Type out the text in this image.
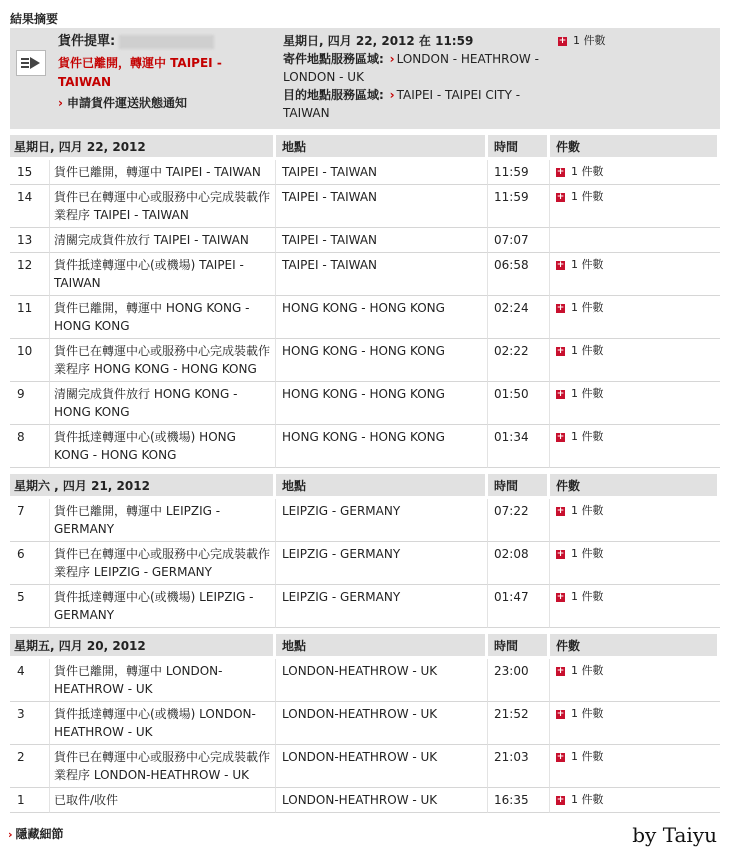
結果摘要
貨件提單:
貨件已離開，轉運中 TAIPEI - TAIWAN
› 申請貨件運送狀態通知
星期日, 四月 22, 2012 在 11:59
寄件地點服務區域: › LONDON - HEATHROW - LONDON - UK
目的地點服務區域: › TAIPEI - TAIPEI CITY - TAIWAN
+ 1 件數
星期日, 四月 22, 2012		地點	時間	件數
15	貨件已離開，轉運中 TAIPEI - TAIWAN	TAIPEI - TAIWAN	11:59	+ 1 件數
14	貨件已在轉運中心或服務中心完成裝載作業程序 TAIPEI - TAIWAN	TAIPEI - TAIWAN	11:59	+ 1 件數
13	清關完成貨件放行 TAIPEI - TAIWAN	TAIPEI - TAIWAN	07:07	
12	貨件抵達轉運中心(或機場) TAIPEI - TAIWAN	TAIPEI - TAIWAN	06:58	+ 1 件數
11	貨件已離開，轉運中 HONG KONG - HONG KONG	HONG KONG - HONG KONG	02:24	+ 1 件數
10	貨件已在轉運中心或服務中心完成裝載作業程序 HONG KONG - HONG KONG	HONG KONG - HONG KONG	02:22	+ 1 件數
9	清關完成貨件放行 HONG KONG - HONG KONG	HONG KONG - HONG KONG	01:50	+ 1 件數
8	貨件抵達轉運中心(或機場) HONG KONG - HONG KONG	HONG KONG - HONG KONG	01:34	+ 1 件數

星期六 , 四月 21, 2012		地點	時間	件數
7	貨件已離開，轉運中 LEIPZIG - GERMANY	LEIPZIG - GERMANY	07:22	+ 1 件數
6	貨件已在轉運中心或服務中心完成裝載作業程序 LEIPZIG - GERMANY	LEIPZIG - GERMANY	02:08	+ 1 件數
5	貨件抵達轉運中心(或機場) LEIPZIG - GERMANY	LEIPZIG - GERMANY	01:47	+ 1 件數

星期五, 四月 20, 2012		地點	時間	件數
4	貨件已離開，轉運中 LONDON-HEATHROW - UK	LONDON-HEATHROW - UK	23:00	+ 1 件數
3	貨件抵達轉運中心(或機場) LONDON-HEATHROW - UK	LONDON-HEATHROW - UK	21:52	+ 1 件數
2	貨件已在轉運中心或服務中心完成裝載作業程序 LONDON-HEATHROW - UK	LONDON-HEATHROW - UK	21:03	+ 1 件數
1	已取件/收件	LONDON-HEATHROW - UK	16:35	+ 1 件數
› 隱藏細節	by Taiyu
